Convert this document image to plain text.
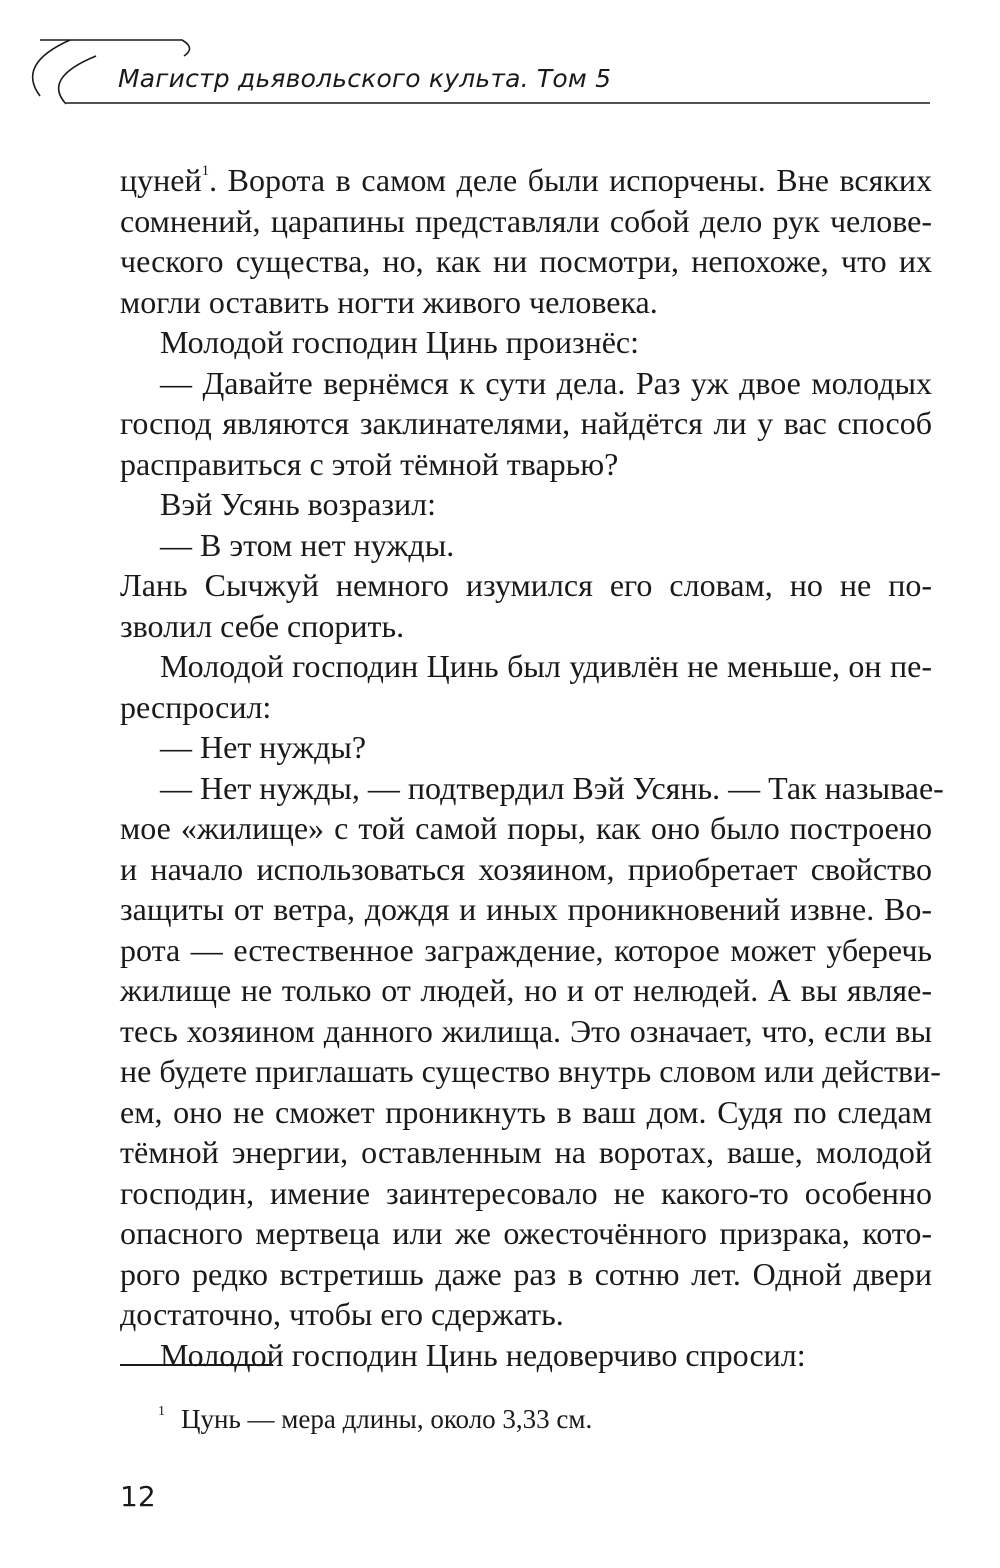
Магистр дьявольского культа. Том 5
цуней$^1$. Ворота в самом деле были испорчены. Вне всяких
сомнений, царапины представляли собой дело рук челове-
ческого существа, но, как ни посмотри, непохоже, что их
могли оставить ногти живого человека.
Молодой господин Цинь произнёс:
— Давайте вернёмся к сути дела. Раз уж двое молодых
господ являются заклинателями, найдётся ли у вас способ
расправиться с этой тёмной тварью?
Вэй Усянь возразил:
— В этом нет нужды.
Лань Сычжуй немного изумился его словам, но не по-
зволил себе спорить.
Молодой господин Цинь был удивлён не меньше, он пе-
респросил:
— Нет нужды?
— Нет нужды, — подтвердил Вэй Усянь. — Так называе-
мое «жилище» с той самой поры, как оно было построено
и начало использоваться хозяином, приобретает свойство
защиты от ветра, дождя и иных проникновений извне. Во-
рота — естественное заграждение, которое может уберечь
жилище не только от людей, но и от нелюдей. А вы являе-
тесь хозяином данного жилища. Это означает, что, если вы
не будете приглашать существо внутрь словом или действи-
ем, оно не сможет проникнуть в ваш дом. Судя по следам
тёмной энергии, оставленным на воротах, ваше, молодой
господин, имение заинтересовало не какого-то особенно
опасного мертвеца или же ожесточённого призрака, кото-
рого редко встретишь даже раз в сотню лет. Одной двери
достаточно, чтобы его сдержать.
Молодой господин Цинь недоверчиво спросил:
$^1$ Цунь — мера длины, около 3,33 см.
12
